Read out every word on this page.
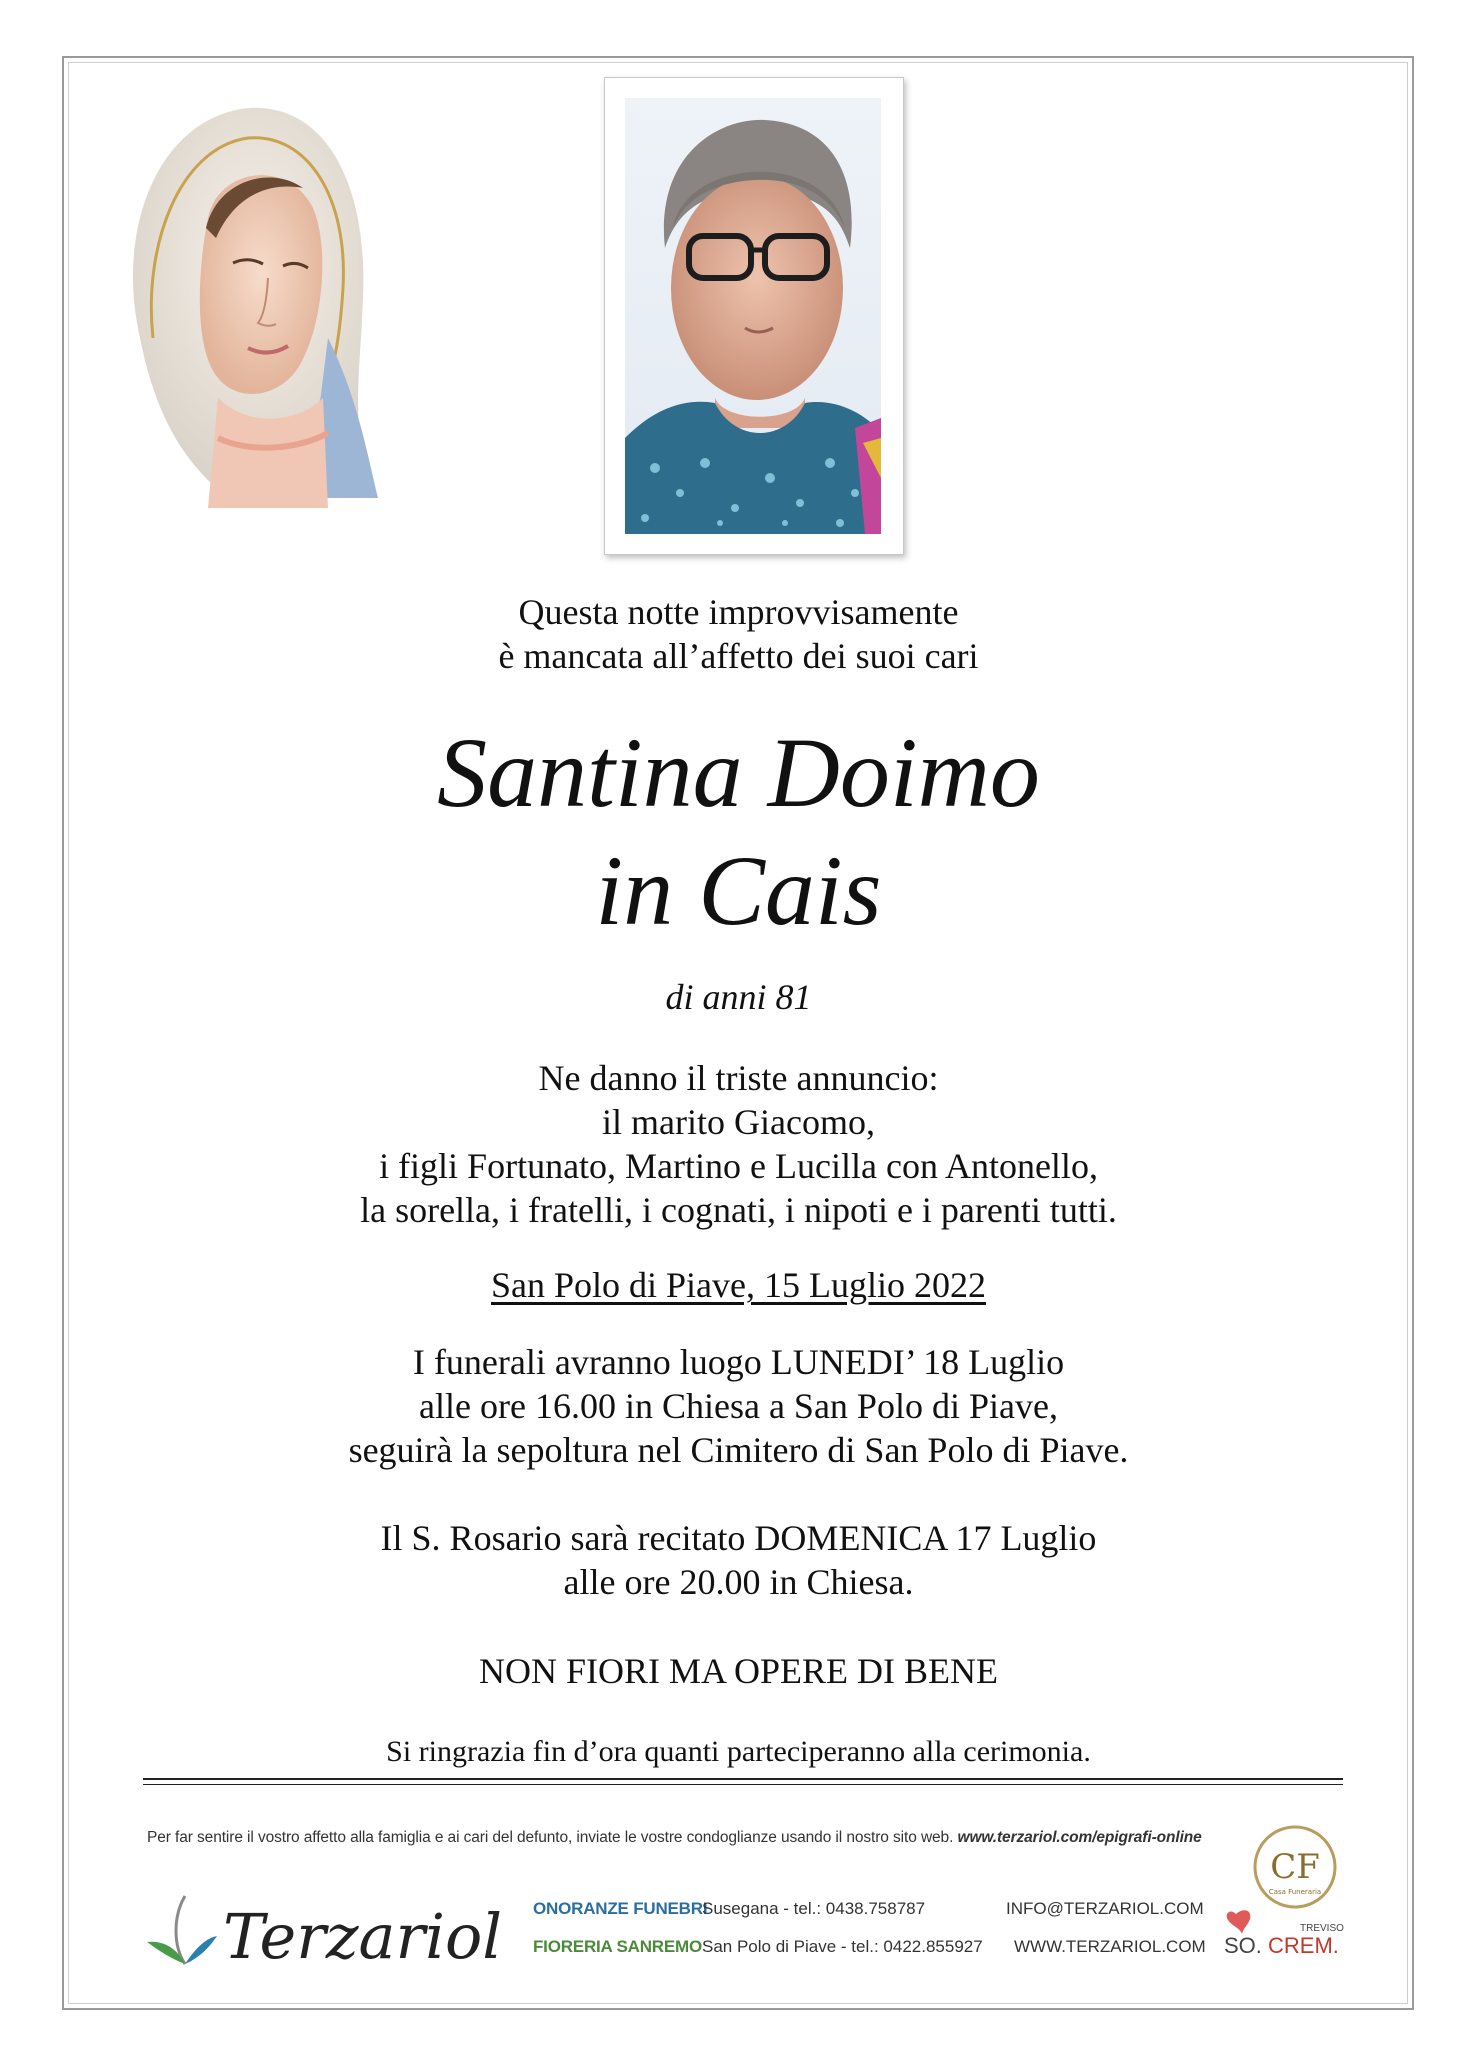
Questa notte improvvisamente
è mancata all’affetto dei suoi cari
Santina Doimo
in Cais
di anni 81
Ne danno il triste annuncio:
il marito Giacomo,
i figli Fortunato, Martino e Lucilla con Antonello,
la sorella, i fratelli, i cognati, i nipoti e i parenti tutti.
San Polo di Piave, 15 Luglio 2022
I funerali avranno luogo LUNEDI’ 18 Luglio
alle ore 16.00 in Chiesa a San Polo di Piave,
seguirà la sepoltura nel Cimitero di San Polo di Piave.
Il S. Rosario sarà recitato DOMENICA 17 Luglio
alle ore 20.00 in Chiesa.
NON FIORI MA OPERE DI BENE
Si ringrazia fin d’ora quanti parteciperanno alla cerimonia.
Per far sentire il vostro affetto alla famiglia e ai cari del defunto, inviate le vostre condoglianze usando il nostro sito web. www.terzariol.com/epigrafi-online
Terzariol ONORANZE FUNEBRI
FIORERIA SANREMO
Susegana - tel.: 0438.758787
San Polo di Piave - tel.: 0422.855927
INFO@TERZARIOL.COM
WWW.TERZARIOL.COM
CF
Casa Funeraria
TREVISO
SO. CREM.
